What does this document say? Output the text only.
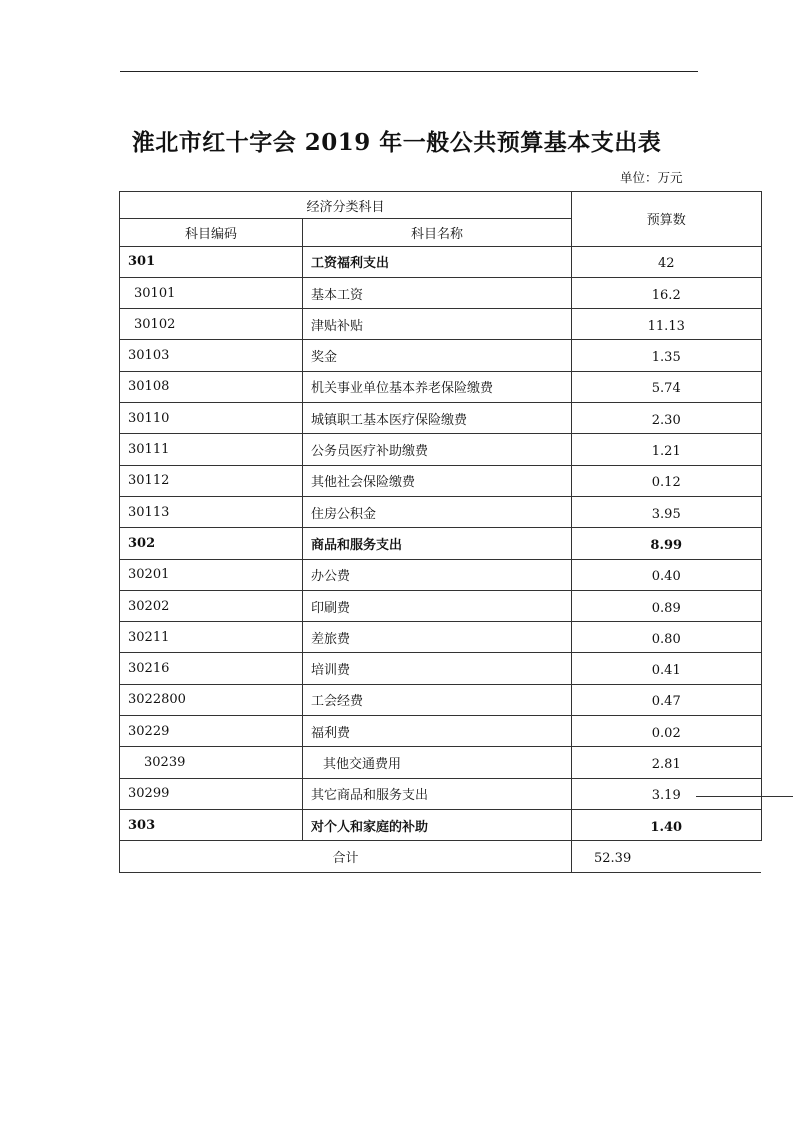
淮北市红十字会 2019 年一般公共预算基本支出表
单位：万元
经济分类科目		预算数
科目编码	科目名称	
301	工资福利支出	42
30101	基本工资	16.2
30102	津贴补贴	11.13
30103	奖金	1.35
30108	机关事业单位基本养老保险缴费	5.74
30110	城镇职工基本医疗保险缴费	2.30
30111	公务员医疗补助缴费	1.21
30112	其他社会保险缴费	0.12
30113	住房公积金	3.95
302	商品和服务支出	8.99
30201	办公费	0.40
30202	印刷费	0.89
30211	差旅费	0.80
30216	培训费	0.41
3022800	工会经费	0.47
30229	福利费	0.02
30239	其他交通费用	2.81
30299	其它商品和服务支出	3.19
303	对个人和家庭的补助	1.40
合计		52.39
